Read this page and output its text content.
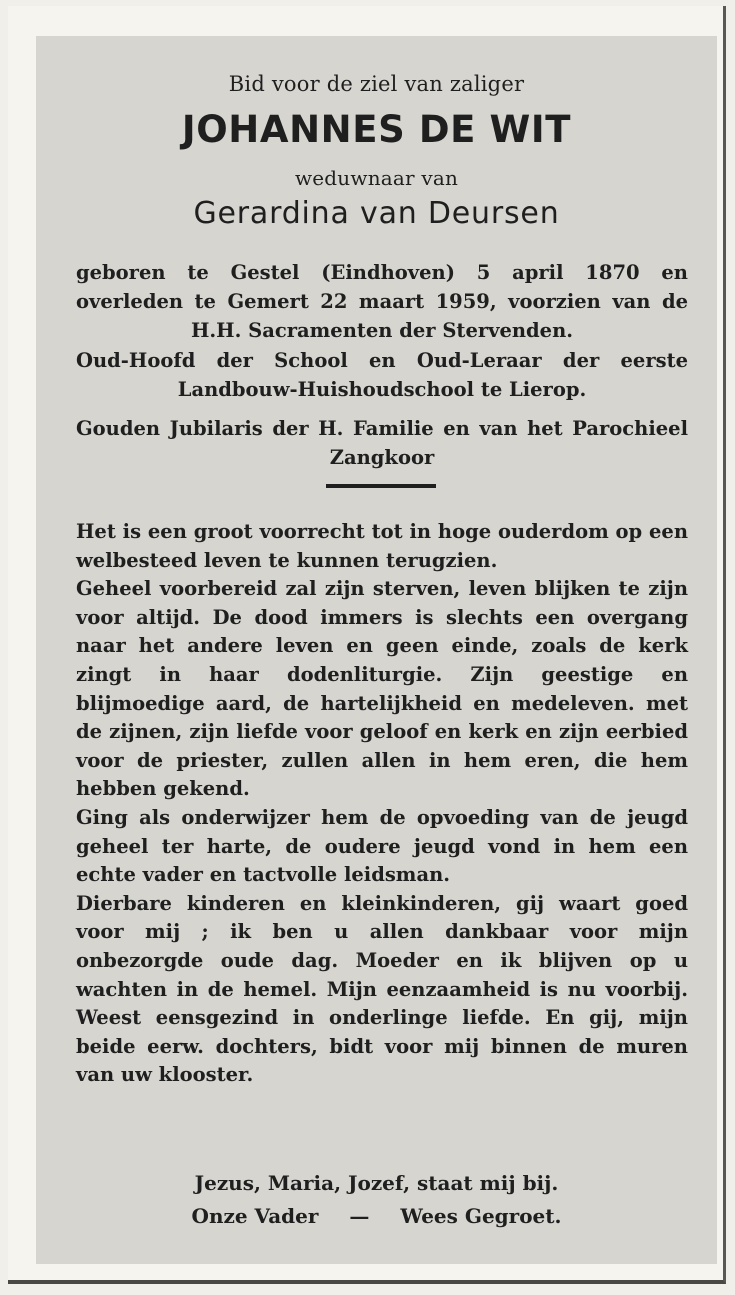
Bid voor de ziel van zaliger
JOHANNES DE WIT
weduwnaar van
Gerardina van Deursen
geboren te Gestel (Eindhoven) 5 april 1870 en overleden te Gemert 22 maart 1959, voorzien van de H.H. Sacramenten der Stervenden.
Oud-Hoofd der School en Oud-Leraar der eerste Landbouw-Huishoudschool te Lierop.
Gouden Jubilaris der H. Familie en van het Parochieel Zangkoor

Het is een groot voorrecht tot in hoge ouderdom op een welbesteed leven te kunnen terugzien.

Geheel voorbereid zal zijn sterven, leven blijken te zijn voor altijd. De dood immers is slechts een overgang naar het andere leven en geen einde, zoals de kerk zingt in haar dodenliturgie. Zijn geestige en blijmoedige aard, de hartelijkheid en medeleven. met de zijnen, zijn liefde voor geloof en kerk en zijn eerbied voor de priester, zullen allen in hem eren, die hem hebben gekend.

Ging als onderwijzer hem de opvoeding van de jeugd geheel ter harte, de oudere jeugd vond in hem een echte vader en tactvolle leidsman.

Dierbare kinderen en kleinkinderen, gij waart goed voor mij ; ik ben u allen dankbaar voor mijn onbezorgde oude dag. Moeder en ik blijven op u wachten in de hemel. Mijn eenzaamheid is nu voorbij. Weest eensgezind in onderlinge liefde. En gij, mijn beide eerw. dochters, bidt voor mij binnen de muren van uw klooster.

Jezus, Maria, Jozef, staat mij bij.
Onze Vader — Wees Gegroet.
